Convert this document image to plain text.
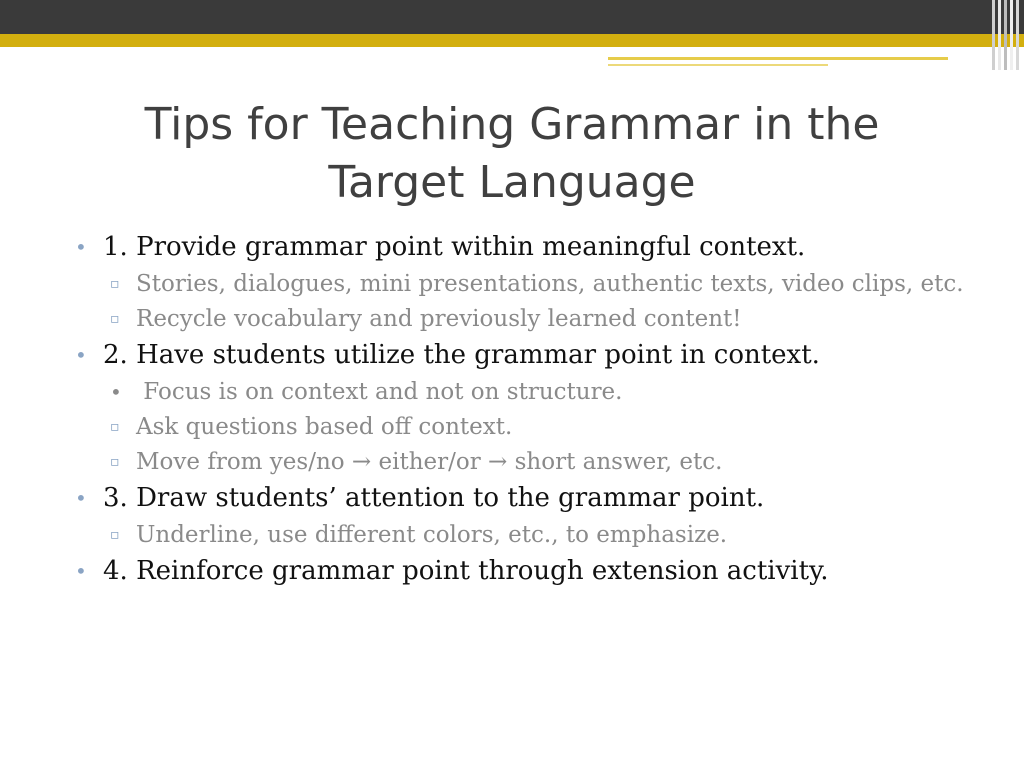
Tips for Teaching Grammar in the Target Language
• 1. Provide grammar point within meaningful context.
▫ Stories, dialogues, mini presentations, authentic texts, video clips, etc.
▫ Recycle vocabulary and previously learned content!
• 2. Have students utilize the grammar point in context.
• Focus is on context and not on structure.
▫ Ask questions based off context.
▫ Move from yes/no → either/or → short answer, etc.
• 3. Draw students’ attention to the grammar point.
▫ Underline, use different colors, etc., to emphasize.
• 4. Reinforce grammar point through extension activity.
